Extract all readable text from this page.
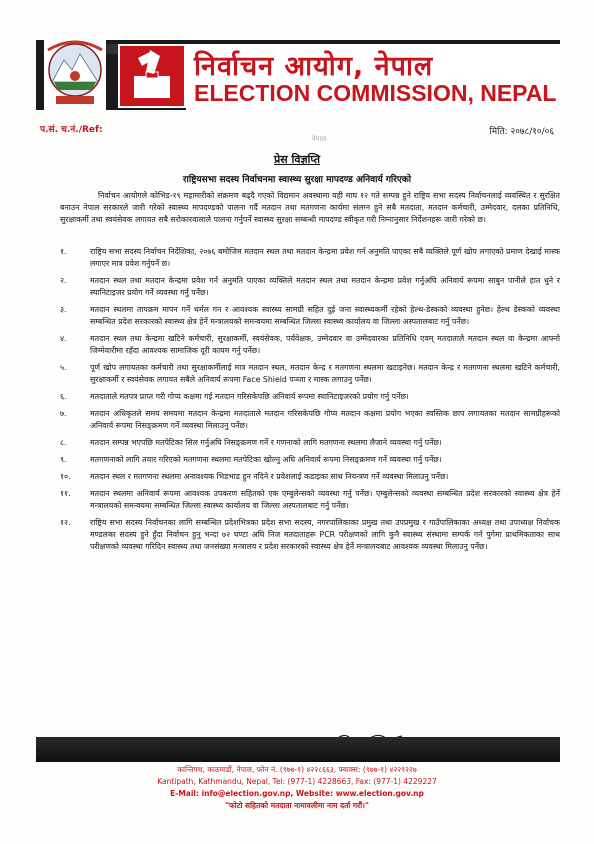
निर्वाचन आयोग, नेपाल
ELECTION COMMISSION, NEPAL
प.सं. च.नं./Ref:	मिति: २०७८/१०/०६
नेपाल
प्रेस विज्ञप्ति
राष्ट्रियसभा सदस्य निर्वाचनमा स्वास्थ्य सुरक्षा मापदण्ड अनिवार्य गरिएको
निर्वाचन आयोगले कोभिड-१९ महामारीको संक्रमण बढ्दै गएको विद्यमान अवस्थामा यही माघ १२ गते सम्पन्न हुने राष्ट्रिय सभा सदस्य निर्वाचनलाई व्यवस्थित र सुरक्षित बनाउन नेपाल सरकारले जारी गरेको स्वास्थ्य मापदण्डको पालना गर्दै मतदान तथा मतगणना कार्यमा संलग्न हुने सबै मतदाता, मतदान कर्मचारी, उम्मेदवार, दलका प्रतिनिधि, सुरक्षाकर्मी तथा स्वयंसेवक लगायत सबै सरोकारवालाले पालना गर्नुपर्ने स्वास्थ्य सुरक्षा सम्बन्धी मापदण्ड स्वीकृत गरी निम्नानुसार निर्देशनहरू जारी गरेको छ।
१.	राष्ट्रिय सभा सदस्य निर्वाचन निर्देशिका, २०७६ बमोजिम मतदान स्थल तथा मतदान केन्द्रमा प्रवेश गर्न अनुमति पाएका सबै व्यक्तिले पूर्ण खोप लगाएको प्रमाण देखाई मास्क लगाएर मात्र प्रवेश गर्नुपर्ने छ।
२.	मतदान स्थल तथा मतदान केन्द्रमा प्रवेश गर्न अनुमति पाएका व्यक्तिले मतदान स्थल तथा मतदान केन्द्रमा प्रवेश गर्नुअघि अनिवार्य रूपमा साबुन पानीले हात धुने र स्यानिटाइजर प्रयोग गर्ने व्यवस्था गर्नु पर्नेछ।
३.	मतदान स्थलमा तापक्रम मापन गर्ने थर्मल गन र आवश्यक स्वास्थ्य सामग्री सहित दुई जना स्वास्थ्यकर्मी रहेको हेल्थ-डेस्कको व्यवस्था हुनेछ। हेल्थ डेस्कको व्यवस्था सम्बन्धित प्रदेश सरकारको स्वास्थ्य क्षेत्र हेर्ने मन्त्रालयको समन्वयमा सम्बन्धित जिल्ला स्वास्थ्य कार्यालय वा जिल्ला अस्पतालबाट गर्नु पर्नेछ।
४.	मतदान स्थल तथा केन्द्रमा खटिने कर्मचारी, सुरक्षाकर्मी, स्वयंसेवक, पर्यवेक्षक, उम्मेदवार वा उम्मेदवारका प्रतिनिधि एवम् मतदाताले मतदान स्थल वा केन्द्रमा आफ्नो जिम्मेवारीमा रहँदा आवश्यक सामाजिक दूरी कायम गर्नु पर्नेछ।
५.	पूर्ण खोप लगायतका कर्मचारी तथा सुरक्षाकर्मीलाई मात्र मतदान स्थल, मतदान केन्द्र र मतगणना स्थलमा खटाइनेछ। मतदान केन्द्र र मतगणना स्थलमा खटिने कर्मचारी, सुरक्षाकर्मी र स्वयंसेवक लगायत सबैले अनिवार्य रूपमा Face Shield पञ्जा र मास्क लगाउनु पर्नेछ।
६.	मतदाताले मतपत्र प्राप्त गरी गोप्य कक्षमा गई मतदान गरिसकेपछि अनिवार्य रूपमा स्यानिटाइजरको प्रयोग गर्नु पर्नेछ।
७.	मतदान अधिकृतले समय समयमा मतदान केन्द्रमा मतदाताले मतदान गरिसकेपछि गोप्य मतदान कक्षमा प्रयोग भएका स्वस्तिक छाप लगायतका मतदान सामग्रीहरूको अनिवार्य रूपमा निसङ्क्रमण गर्ने व्यवस्था मिलाउनु पर्नेछ।
८.	मतदान सम्पन्न भएपछि मतपेटिका सिल गर्नुअघि निसङ्क्रमण गर्ने र गणनाको लागि मतगणना स्थलमा लैजाने व्यवस्था गर्नु पर्नेछ।
९.	मतगणनाको लागि तयार गरिएको मतगणना स्थलमा मतपेटिका खोल्नु अघि अनिवार्य रूपमा निसङ्क्रमण गर्ने व्यवस्था गर्नु पर्नेछ।
१०.	मतदान स्थल र मतगणना स्थलमा अनावश्यक भिडभाड हुन नदिने र प्रवेशलाई कडाइका साथ नियन्त्रण गर्ने व्यवस्था मिलाउनु पर्नेछ।
११.	मतदान स्थलमा अनिवार्य रूपमा आवश्यक उपकरण सहितको एक एम्बुलेन्सको व्यवस्था गर्नु पर्नेछ। एम्बुलेन्सको व्यवस्था सम्बन्धित प्रदेश सरकारको स्वास्थ्य क्षेत्र हेर्ने मन्त्रालयको समन्वयमा सम्बन्धित जिल्ला स्वास्थ्य कार्यालय वा जिल्ला अस्पतालबाट गर्नु पर्नेछ।
१२.	राष्ट्रिय सभा सदस्य निर्वाचनका लागि सम्बन्धित प्रदेशभित्रका प्रदेश सभा सदस्य, नगरपालिकाका प्रमुख तथा उपप्रमुख र गाउँपालिकाका अध्यक्ष तथा उपाध्यक्ष निर्वाचक मण्डलका सदस्य हुने हुँदा निर्वाचन हुनु भन्दा ७२ घण्टा अघि निज मतदाताहरू PCR परीक्षणको लागि कुनै स्वास्थ्य संस्थामा सम्पर्क गर्न पुगेमा प्राथमिकताका साथ परीक्षणको व्यवस्था गरिदिन स्वास्थ्य तथा जनसंख्या मन्त्रालय र प्रदेश सरकारको स्वास्थ्य क्षेत्र हेर्ने मन्त्रालयबाट आवश्यक व्यवस्था मिलाउनु पर्नेछ।
कान्तिपथ, काठमाडौं, नेपाल, फोन नं. (९७७-१) ४२२८६६३, फ्याक्स: (९७७-१) ४२२९२२७
Kantipath, Kathmandu, Nepal, Tel: (977-1) 4228663, Fax: (977-1) 4229227
E-Mail: info@election.gov.np, Website: www.election.gov.np
"फोटो सहितको मतदाता नामावलीमा नाम दर्ता गरौं।"
